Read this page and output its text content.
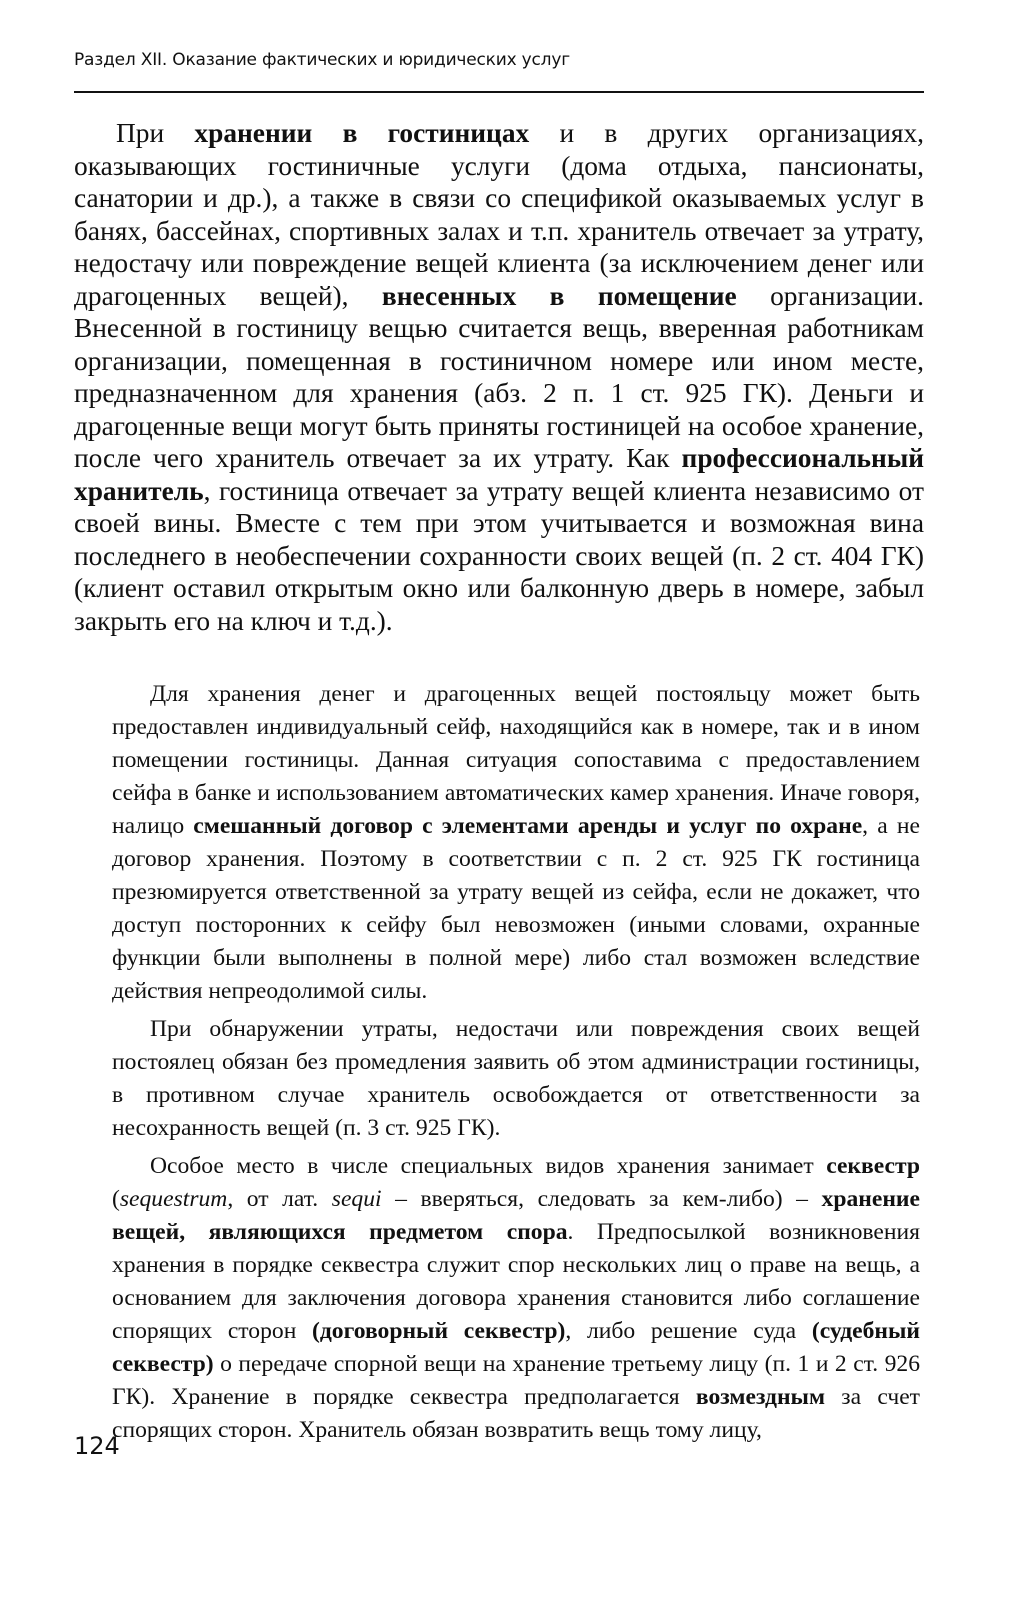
Раздел XII. Оказание фактических и юридических услуг

При хранении в гостиницах и в других организациях, оказывающих гостиничные услуги (дома отдыха, пансионаты, санатории и др.), а также в связи со спецификой оказываемых услуг в банях, бассейнах, спортивных залах и т.п. хранитель отвечает за утрату, недостачу или повреждение вещей клиента (за исключением денег или драгоценных вещей), внесенных в помещение организации. Внесенной в гостиницу вещью считается вещь, вверенная работникам организации, помещенная в гостиничном номере или ином месте, предназначенном для хранения (абз. 2 п. 1 ст. 925 ГК). Деньги и драгоценные вещи могут быть приняты гостиницей на особое хранение, после чего хранитель отвечает за их утрату. Как профессиональный хранитель, гостиница отвечает за утрату вещей клиента независимо от своей вины. Вместе с тем при этом учитывается и возможная вина последнего в необеспечении сохранности своих вещей (п. 2 ст. 404 ГК) (клиент оставил открытым окно или балконную дверь в номере, забыл закрыть его на ключ и т.д.).

Для хранения денег и драгоценных вещей постояльцу может быть предоставлен индивидуальный сейф, находящийся как в номере, так и в ином помещении гостиницы. Данная ситуация сопоставима с предоставлением сейфа в банке и использованием автоматических камер хранения. Иначе говоря, налицо смешанный договор с элементами аренды и услуг по охране, а не договор хранения. Поэтому в соответствии с п. 2 ст. 925 ГК гостиница презюмируется ответственной за утрату вещей из сейфа, если не докажет, что доступ посторонних к сейфу был невозможен (иными словами, охранные функции были выполнены в полной мере) либо стал возможен вследствие действия непреодолимой силы.

При обнаружении утраты, недостачи или повреждения своих вещей постоялец обязан без промедления заявить об этом администрации гостиницы, в противном случае хранитель освобождается от ответственности за несохранность вещей (п. 3 ст. 925 ГК).

Особое место в числе специальных видов хранения занимает секвестр (sequestrum, от лат. sequi – вверяться, следовать за кем-либо) – хранение вещей, являющихся предметом спора. Предпосылкой возникновения хранения в порядке секвестра служит спор нескольких лиц о праве на вещь, а основанием для заключения договора хранения становится либо соглашение спорящих сторон (договорный секвестр), либо решение суда (судебный секвестр) о передаче спорной вещи на хранение третьему лицу (п. 1 и 2 ст. 926 ГК). Хранение в порядке секвестра предполагается возмездным за счет спорящих сторон. Хранитель обязан возвратить вещь тому лицу,

124
